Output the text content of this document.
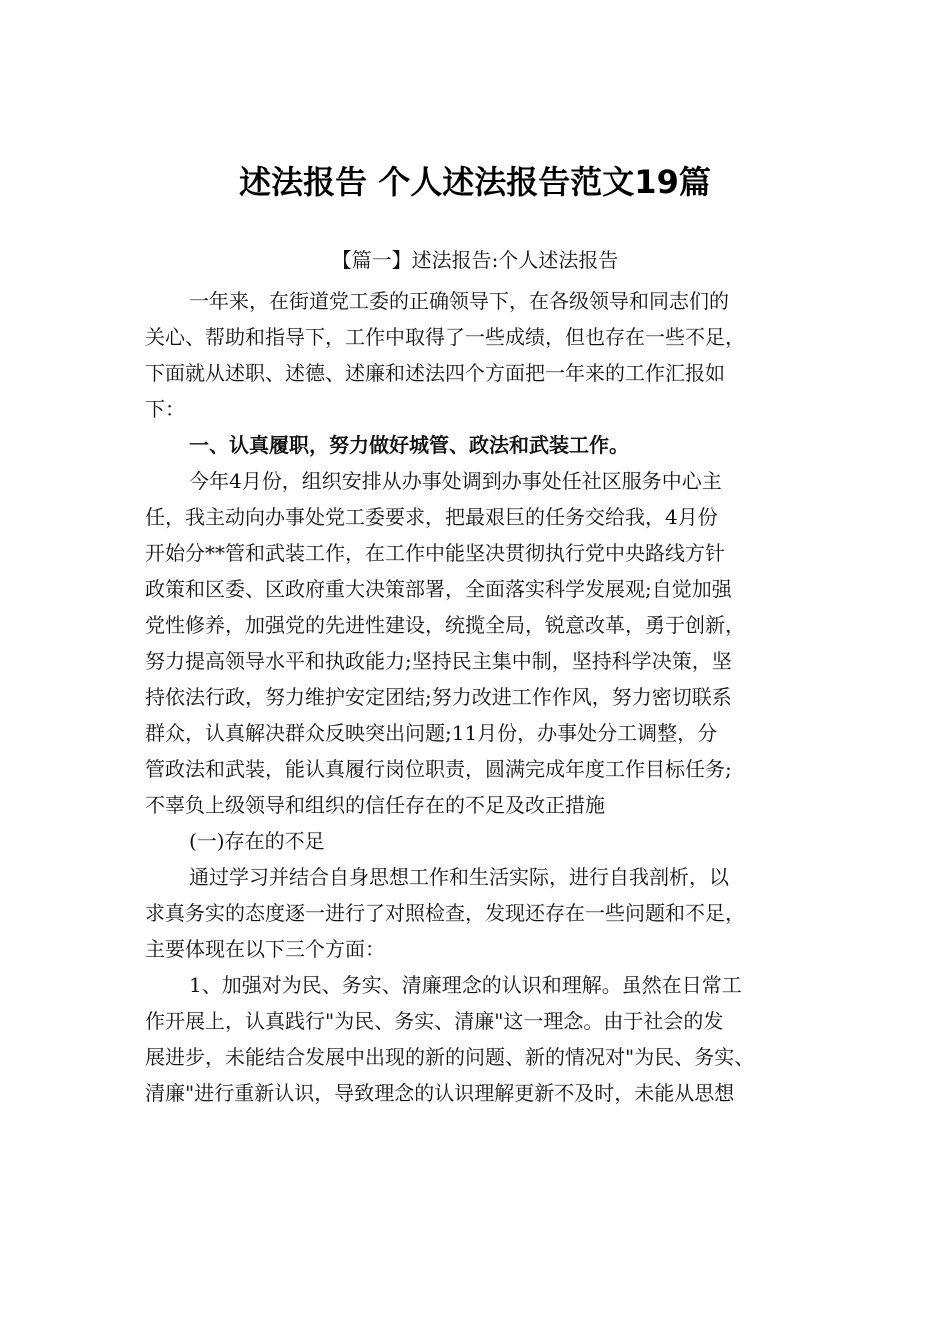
述法报告 个人述法报告范文19篇
【篇一】述法报告:个人述法报告
一年来，在街道党工委的正确领导下，在各级领导和同志们的
关心、帮助和指导下，工作中取得了一些成绩，但也存在一些不足，
下面就从述职、述德、述廉和述法四个方面把一年来的工作汇报如
下：
一、认真履职，努力做好城管、政法和武装工作。
今年4月份，组织安排从办事处调到办事处任社区服务中心主
任，我主动向办事处党工委要求，把最艰巨的任务交给我，4月份
开始分**管和武装工作，在工作中能坚决贯彻执行党中央路线方针
政策和区委、区政府重大决策部署，全面落实科学发展观;自觉加强
党性修养，加强党的先进性建设，统揽全局，锐意改革，勇于创新，
努力提高领导水平和执政能力;坚持民主集中制，坚持科学决策，坚
持依法行政，努力维护安定团结;努力改进工作作风，努力密切联系
群众，认真解决群众反映突出问题;11月份，办事处分工调整，分
管政法和武装，能认真履行岗位职责，圆满完成年度工作目标任务;
不辜负上级领导和组织的信任存在的不足及改正措施
(一)存在的不足
通过学习并结合自身思想工作和生活实际，进行自我剖析，以
求真务实的态度逐一进行了对照检查，发现还存在一些问题和不足，
主要体现在以下三个方面：
1、加强对为民、务实、清廉理念的认识和理解。虽然在日常工
作开展上，认真践行"为民、务实、清廉"这一理念。由于社会的发
展进步，未能结合发展中出现的新的问题、新的情况对"为民、务实、
清廉"进行重新认识，导致理念的认识理解更新不及时，未能从思想
